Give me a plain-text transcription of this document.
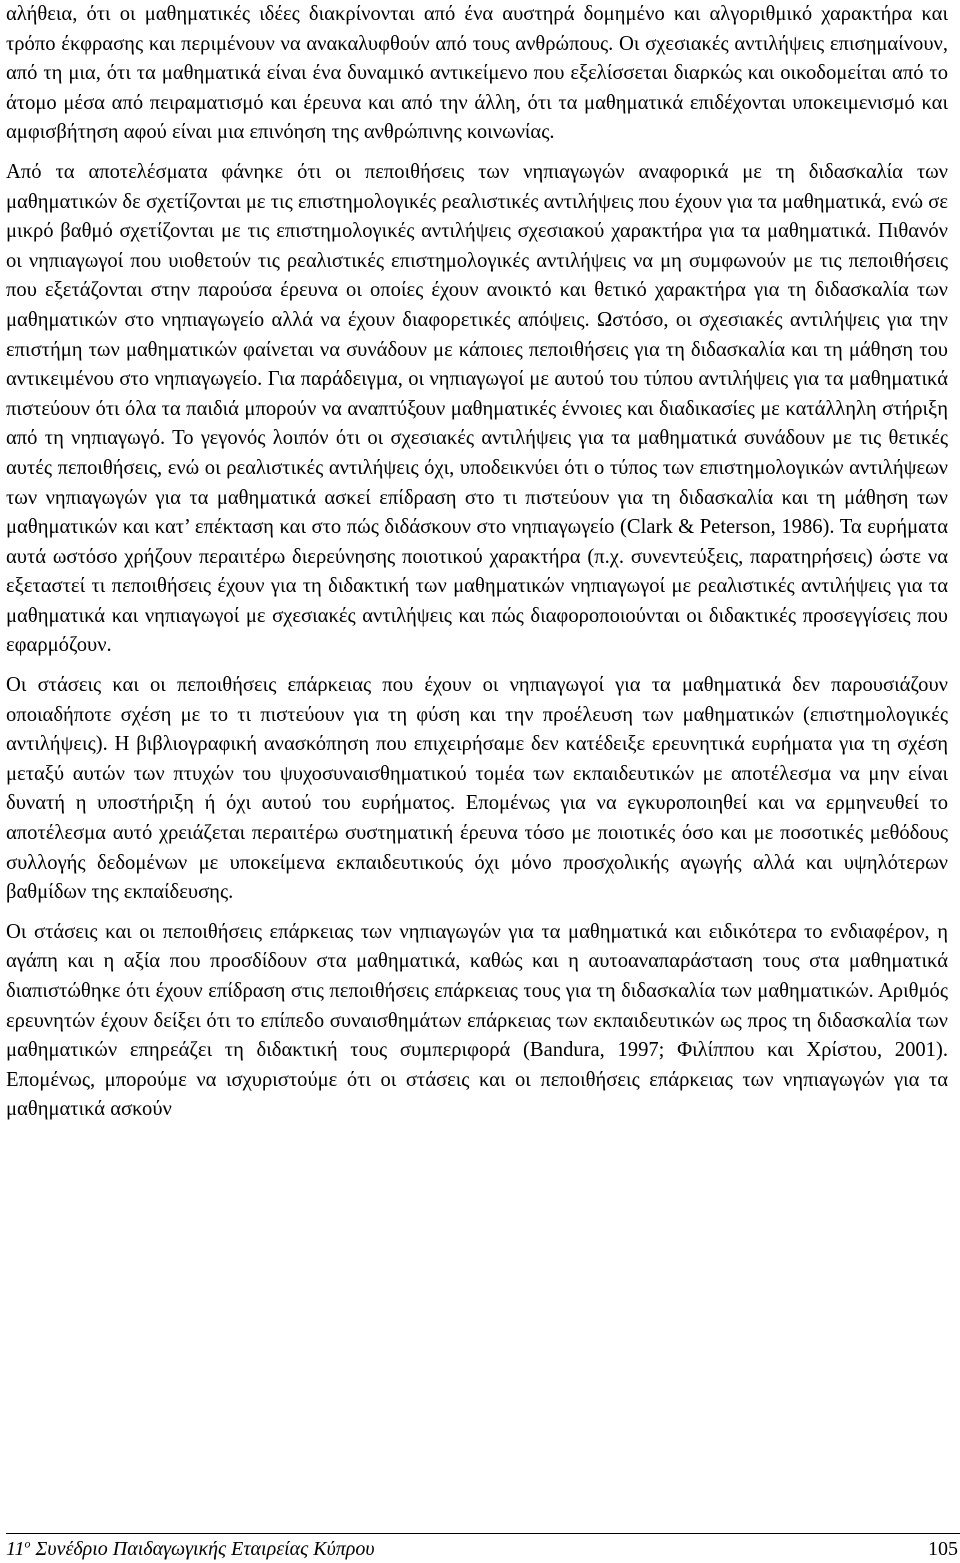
αλήθεια, ότι οι μαθηματικές ιδέες διακρίνονται από ένα αυστηρά δομημένο και αλγοριθμικό χαρακτήρα και τρόπο έκφρασης και περιμένουν να ανακαλυφθούν από τους ανθρώπους. Οι σχεσιακές αντιλήψεις επισημαίνουν, από τη μια, ότι τα μαθηματικά είναι ένα δυναμικό αντικείμενο που εξελίσσεται διαρκώς και οικοδομείται από το άτομο μέσα από πειραματισμό και έρευνα και από την άλλη, ότι τα μαθηματικά επιδέχονται υποκειμενισμό και αμφισβήτηση αφού είναι μια επινόηση της ανθρώπινης κοινωνίας.

Από τα αποτελέσματα φάνηκε ότι οι πεποιθήσεις των νηπιαγωγών αναφορικά με τη διδασκαλία των μαθηματικών δε σχετίζονται με τις επιστημολογικές ρεαλιστικές αντιλήψεις που έχουν για τα μαθηματικά, ενώ σε μικρό βαθμό σχετίζονται με τις επιστημολογικές αντιλήψεις σχεσιακού χαρακτήρα για τα μαθηματικά. Πιθανόν οι νηπιαγωγοί που υιοθετούν τις ρεαλιστικές επιστημολογικές αντιλήψεις να μη συμφωνούν με τις πεποιθήσεις που εξετάζονται στην παρούσα έρευνα οι οποίες έχουν ανοικτό και θετικό χαρακτήρα για τη διδασκαλία των μαθηματικών στο νηπιαγωγείο αλλά να έχουν διαφορετικές απόψεις. Ωστόσο, οι σχεσιακές αντιλήψεις για την επιστήμη των μαθηματικών φαίνεται να συνάδουν με κάποιες πεποιθήσεις για τη διδασκαλία και τη μάθηση του αντικειμένου στο νηπιαγωγείο. Για παράδειγμα, οι νηπιαγωγοί με αυτού του τύπου αντιλήψεις για τα μαθηματικά πιστεύουν ότι όλα τα παιδιά μπορούν να αναπτύξουν μαθηματικές έννοιες και διαδικασίες με κατάλληλη στήριξη από τη νηπιαγωγό. Το γεγονός λοιπόν ότι οι σχεσιακές αντιλήψεις για τα μαθηματικά συνάδουν με τις θετικές αυτές πεποιθήσεις, ενώ οι ρεαλιστικές αντιλήψεις όχι, υποδεικνύει ότι ο τύπος των επιστημολογικών αντιλήψεων των νηπιαγωγών για τα μαθηματικά ασκεί επίδραση στο τι πιστεύουν για τη διδασκαλία και τη μάθηση των μαθηματικών και κατ’ επέκταση και στο πώς διδάσκουν στο νηπιαγωγείο (Clark & Peterson, 1986). Τα ευρήματα αυτά ωστόσο χρήζουν περαιτέρω διερεύνησης ποιοτικού χαρακτήρα (π.χ. συνεντεύξεις, παρατηρήσεις) ώστε να εξεταστεί τι πεποιθήσεις έχουν για τη διδακτική των μαθηματικών νηπιαγωγοί με ρεαλιστικές αντιλήψεις για τα μαθηματικά και νηπιαγωγοί με σχεσιακές αντιλήψεις και πώς διαφοροποιούνται οι διδακτικές προσεγγίσεις που εφαρμόζουν.

Οι στάσεις και οι πεποιθήσεις επάρκειας που έχουν οι νηπιαγωγοί για τα μαθηματικά δεν παρουσιάζουν οποιαδήποτε σχέση με το τι πιστεύουν για τη φύση και την προέλευση των μαθηματικών (επιστημολογικές αντιλήψεις). Η βιβλιογραφική ανασκόπηση που επιχειρήσαμε δεν κατέδειξε ερευνητικά ευρήματα για τη σχέση μεταξύ αυτών των πτυχών του ψυχοσυναισθηματικού τομέα των εκπαιδευτικών με αποτέλεσμα να μην είναι δυνατή η υποστήριξη ή όχι αυτού του ευρήματος. Επομένως για να εγκυροποιηθεί και να ερμηνευθεί το αποτέλεσμα αυτό χρειάζεται περαιτέρω συστηματική έρευνα τόσο με ποιοτικές όσο και με ποσοτικές μεθόδους συλλογής δεδομένων με υποκείμενα εκπαιδευτικούς όχι μόνο προσχολικής αγωγής αλλά και υψηλότερων βαθμίδων της εκπαίδευσης.

Οι στάσεις και οι πεποιθήσεις επάρκειας των νηπιαγωγών για τα μαθηματικά και ειδικότερα το ενδιαφέρον, η αγάπη και η αξία που προσδίδουν στα μαθηματικά, καθώς και η αυτοαναπαράσταση τους στα μαθηματικά διαπιστώθηκε ότι έχουν επίδραση στις πεποιθήσεις επάρκειας τους για τη διδασκαλία των μαθηματικών. Αριθμός ερευνητών έχουν δείξει ότι το επίπεδο συναισθημάτων επάρκειας των εκπαιδευτικών ως προς τη διδασκαλία των μαθηματικών επηρεάζει τη διδακτική τους συμπεριφορά (Bandura, 1997; Φιλίππου και Χρίστου, 2001). Επομένως, μπορούμε να ισχυριστούμε ότι οι στάσεις και οι πεποιθήσεις επάρκειας των νηπιαγωγών για τα μαθηματικά ασκούν

$11^o$ Συνέδριο Παιδαγωγικής Εταιρείας Κύπρου	105
